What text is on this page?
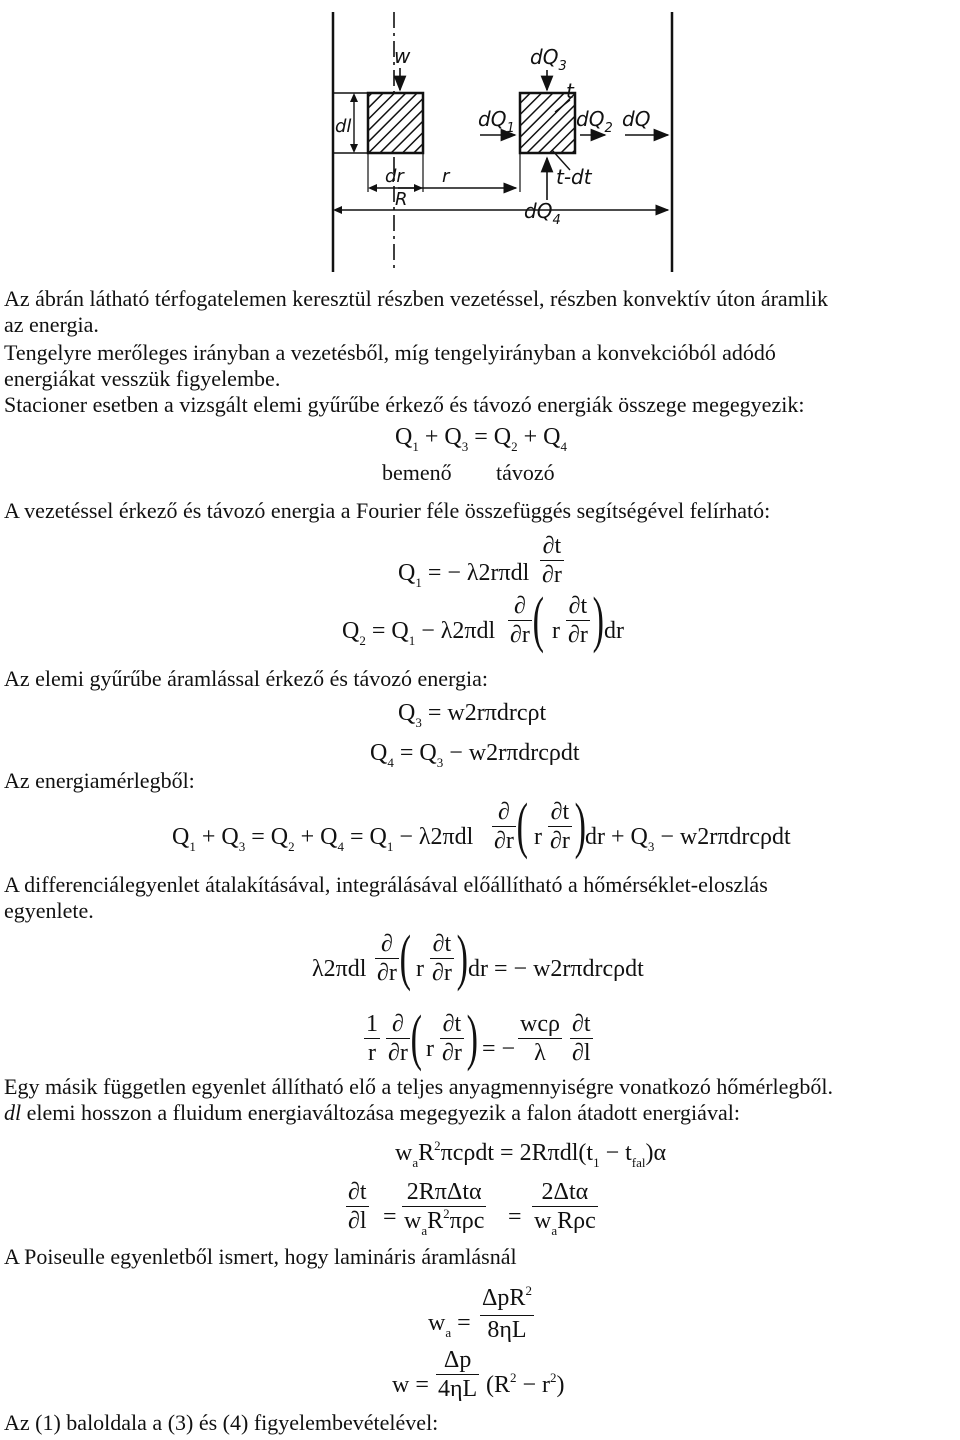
w	$dQ_3$
t
dl	$dQ_1$	$dQ_2$ dQ
dr r	t-dt
R	$dQ_4$
Az ábrán látható térfogatelemen keresztül részben vezetéssel, részben konvektív úton áramlik
az energia.
Tengelyre merőleges irányban a vezetésből, míg tengelyirányban a konvekcióból adódó
energiákat vesszük figyelembe.
Stacioner esetben a vizsgált elemi gyűrűbe érkező és távozó energiák összege megegyezik:
$Q_1 + Q_3 = Q_2 + Q_4$
bemenő távozó
A vezetéssel érkező és távozó energia a Fourier féle összefüggés segítségével felírható:
$Q_1$ = − λ2rπdl
∂t
∂r
$Q_2 = Q_1 - \lambda 2\pi dl$
∂
∂r ( r
∂t
∂r ) dr
Az elemi gyűrűbe áramlással érkező és távozó energia:
$Q_3 = w2r\pi drc\rho t$
$Q_4 = Q_3 - w2r\pi drc\rho dt$
Az energiamérlegből:
$Q_1 + Q_3 = Q_2 + Q_4 = Q_1 - \lambda 2\pi dl$
∂
∂r ( r
∂t
∂r )
dr + $Q_3 - w2r\pi drc\rho dt$
A differenciálegyenlet átalakításával, integrálásával előállítható a hőmérséklet-eloszlás
egyenlete.
λ2πdl
∂
∂r ( r
∂t
∂r ) dr = − w2rπdrcρdt
1
r
∂
∂r ( r
∂t
∂r ) = −
wcρ
λ
∂t
∂l
Egy másik független egyenlet állítható elő a teljes anyagmennyiségre vonatkozó hőmérlegből.
dl elemi hosszon a fluidum energiaváltozása megegyezik a falon átadott energiával:
$w_aR^2\pi c\rho dt = 2R\pi dl(t_1 - t_{fal})\alpha$
∂t
∂l =
2RπΔtα
$w_aR^2\pi\rho c$ =
2Δtα
$w_aR\rho c$
A Poiseulle egyenletből ismert, hogy lamináris áramlásnál
$w_a$ =
ΔpR$^2$
8ηL
w =
Δp
4ηL $(R^2 - r^2)$
Az (1) baloldala a (3) és (4) figyelembevételével:
